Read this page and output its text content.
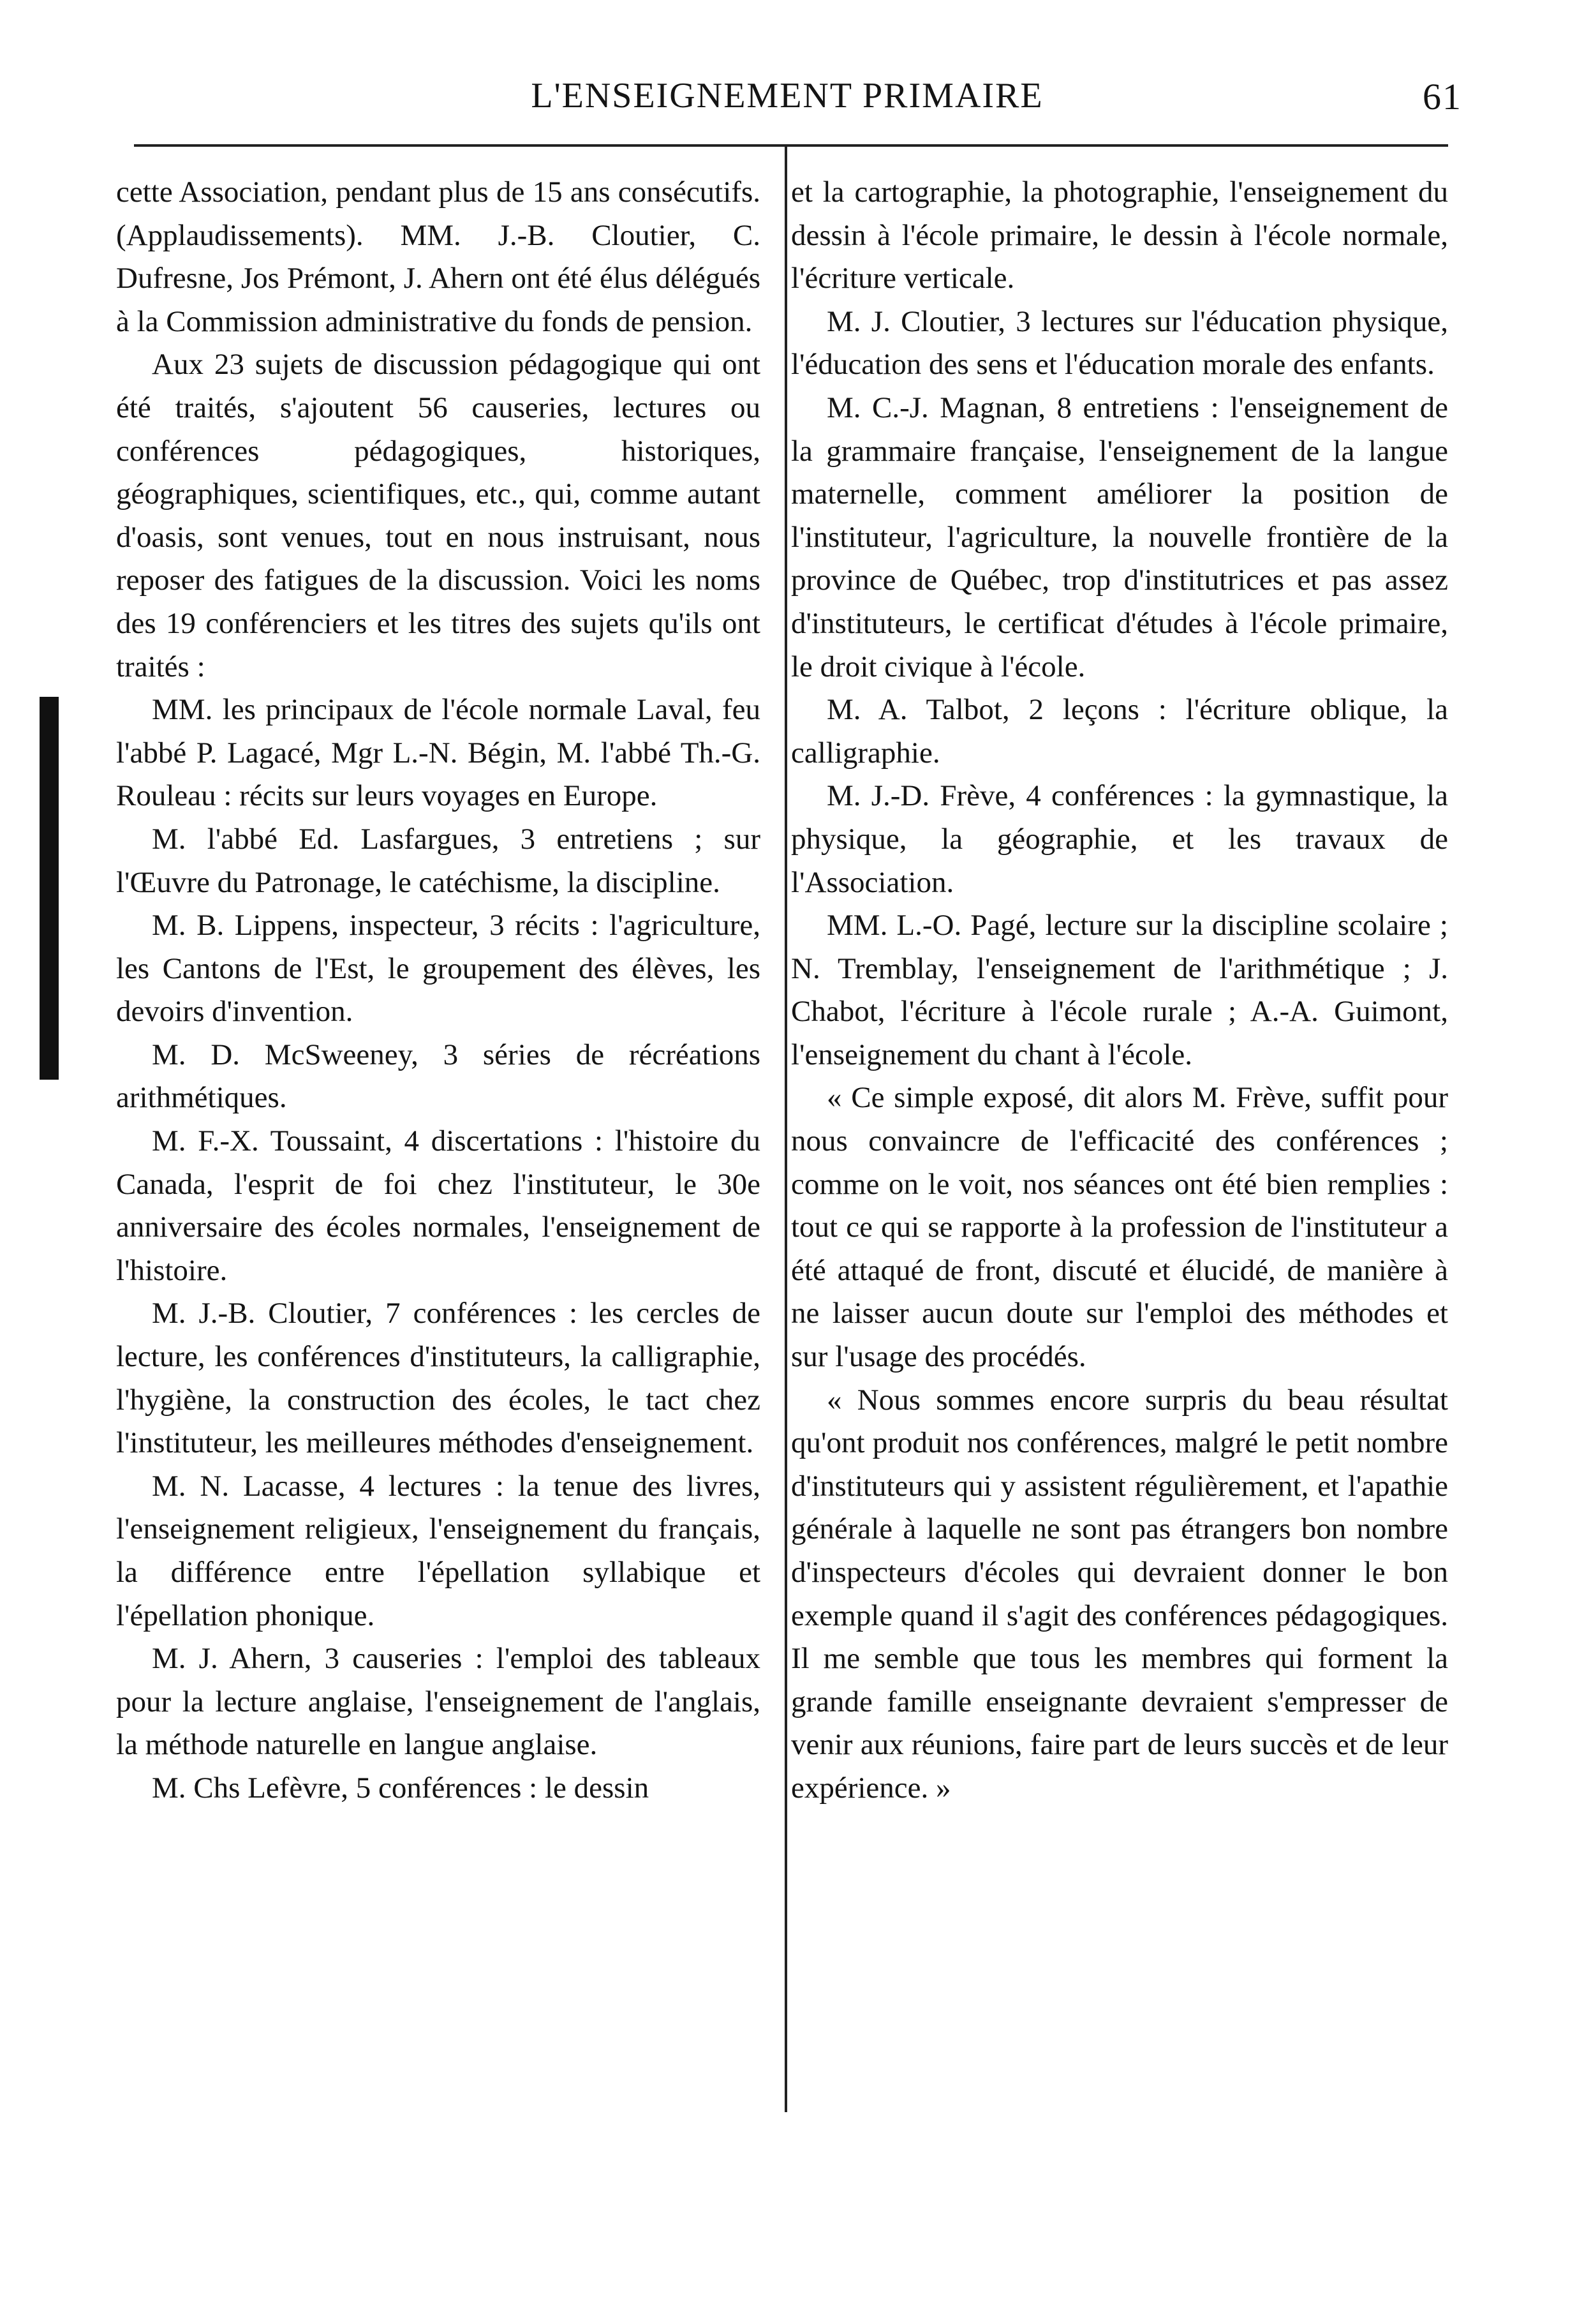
L'ENSEIGNEMENT PRIMAIRE	61

cette Association, pendant plus de 15 ans consécutifs. (Applaudissements). MM. J.-B. Cloutier, C. Dufresne, Jos Prémont, J. Ahern ont été élus délégués à la Commission administrative du fonds de pension.

Aux 23 sujets de discussion pédagogique qui ont été traités, s'ajoutent 56 causeries, lectures ou conférences pédagogiques, historiques, géographiques, scientifiques, etc., qui, comme autant d'oasis, sont venues, tout en nous instruisant, nous reposer des fatigues de la discussion. Voici les noms des 19 conférenciers et les titres des sujets qu'ils ont traités :

MM. les principaux de l'école normale Laval, feu l'abbé P. Lagacé, Mgr L.-N. Bégin, M. l'abbé Th.-G. Rouleau : récits sur leurs voyages en Europe.

M. l'abbé Ed. Lasfargues, 3 entretiens ; sur l'Œuvre du Patronage, le catéchisme, la discipline.

M. B. Lippens, inspecteur, 3 récits : l'agriculture, les Cantons de l'Est, le groupement des élèves, les devoirs d'invention.

M. D. McSweeney, 3 séries de récréations arithmétiques.

M. F.-X. Toussaint, 4 discertations : l'histoire du Canada, l'esprit de foi chez l'instituteur, le 30e anniversaire des écoles normales, l'enseignement de l'histoire.

M. J.-B. Cloutier, 7 conférences : les cercles de lecture, les conférences d'instituteurs, la calligraphie, l'hygiène, la construction des écoles, le tact chez l'instituteur, les meilleures méthodes d'enseignement.

M. N. Lacasse, 4 lectures : la tenue des livres, l'enseignement religieux, l'enseignement du français, la différence entre l'épellation syllabique et l'épellation phonique.

M. J. Ahern, 3 causeries : l'emploi des tableaux pour la lecture anglaise, l'enseignement de l'anglais, la méthode naturelle en langue anglaise.

M. Chs Lefèvre, 5 conférences : le dessin

et la cartographie, la photographie, l'enseignement du dessin à l'école primaire, le dessin à l'école normale, l'écriture verticale.

M. J. Cloutier, 3 lectures sur l'éducation physique, l'éducation des sens et l'éducation morale des enfants.

M. C.-J. Magnan, 8 entretiens : l'enseignement de la grammaire française, l'enseignement de la langue maternelle, comment améliorer la position de l'instituteur, l'agriculture, la nouvelle frontière de la province de Québec, trop d'institutrices et pas assez d'instituteurs, le certificat d'études à l'école primaire, le droit civique à l'école.

M. A. Talbot, 2 leçons : l'écriture oblique, la calligraphie.

M. J.-D. Frève, 4 conférences : la gymnastique, la physique, la géographie, et les travaux de l'Association.

MM. L.-O. Pagé, lecture sur la discipline scolaire ; N. Tremblay, l'enseignement de l'arithmétique ; J. Chabot, l'écriture à l'école rurale ; A.-A. Guimont, l'enseignement du chant à l'école.

« Ce simple exposé, dit alors M. Frève, suffit pour nous convaincre de l'efficacité des conférences ; comme on le voit, nos séances ont été bien remplies : tout ce qui se rapporte à la profession de l'instituteur a été attaqué de front, discuté et élucidé, de manière à ne laisser aucun doute sur l'emploi des méthodes et sur l'usage des procédés.

« Nous sommes encore surpris du beau résultat qu'ont produit nos conférences, malgré le petit nombre d'instituteurs qui y assistent régulièrement, et l'apathie générale à laquelle ne sont pas étrangers bon nombre d'inspecteurs d'écoles qui devraient donner le bon exemple quand il s'agit des conférences pédagogiques. Il me semble que tous les membres qui forment la grande famille enseignante devraient s'empresser de venir aux réunions, faire part de leurs succès et de leur expérience. »
